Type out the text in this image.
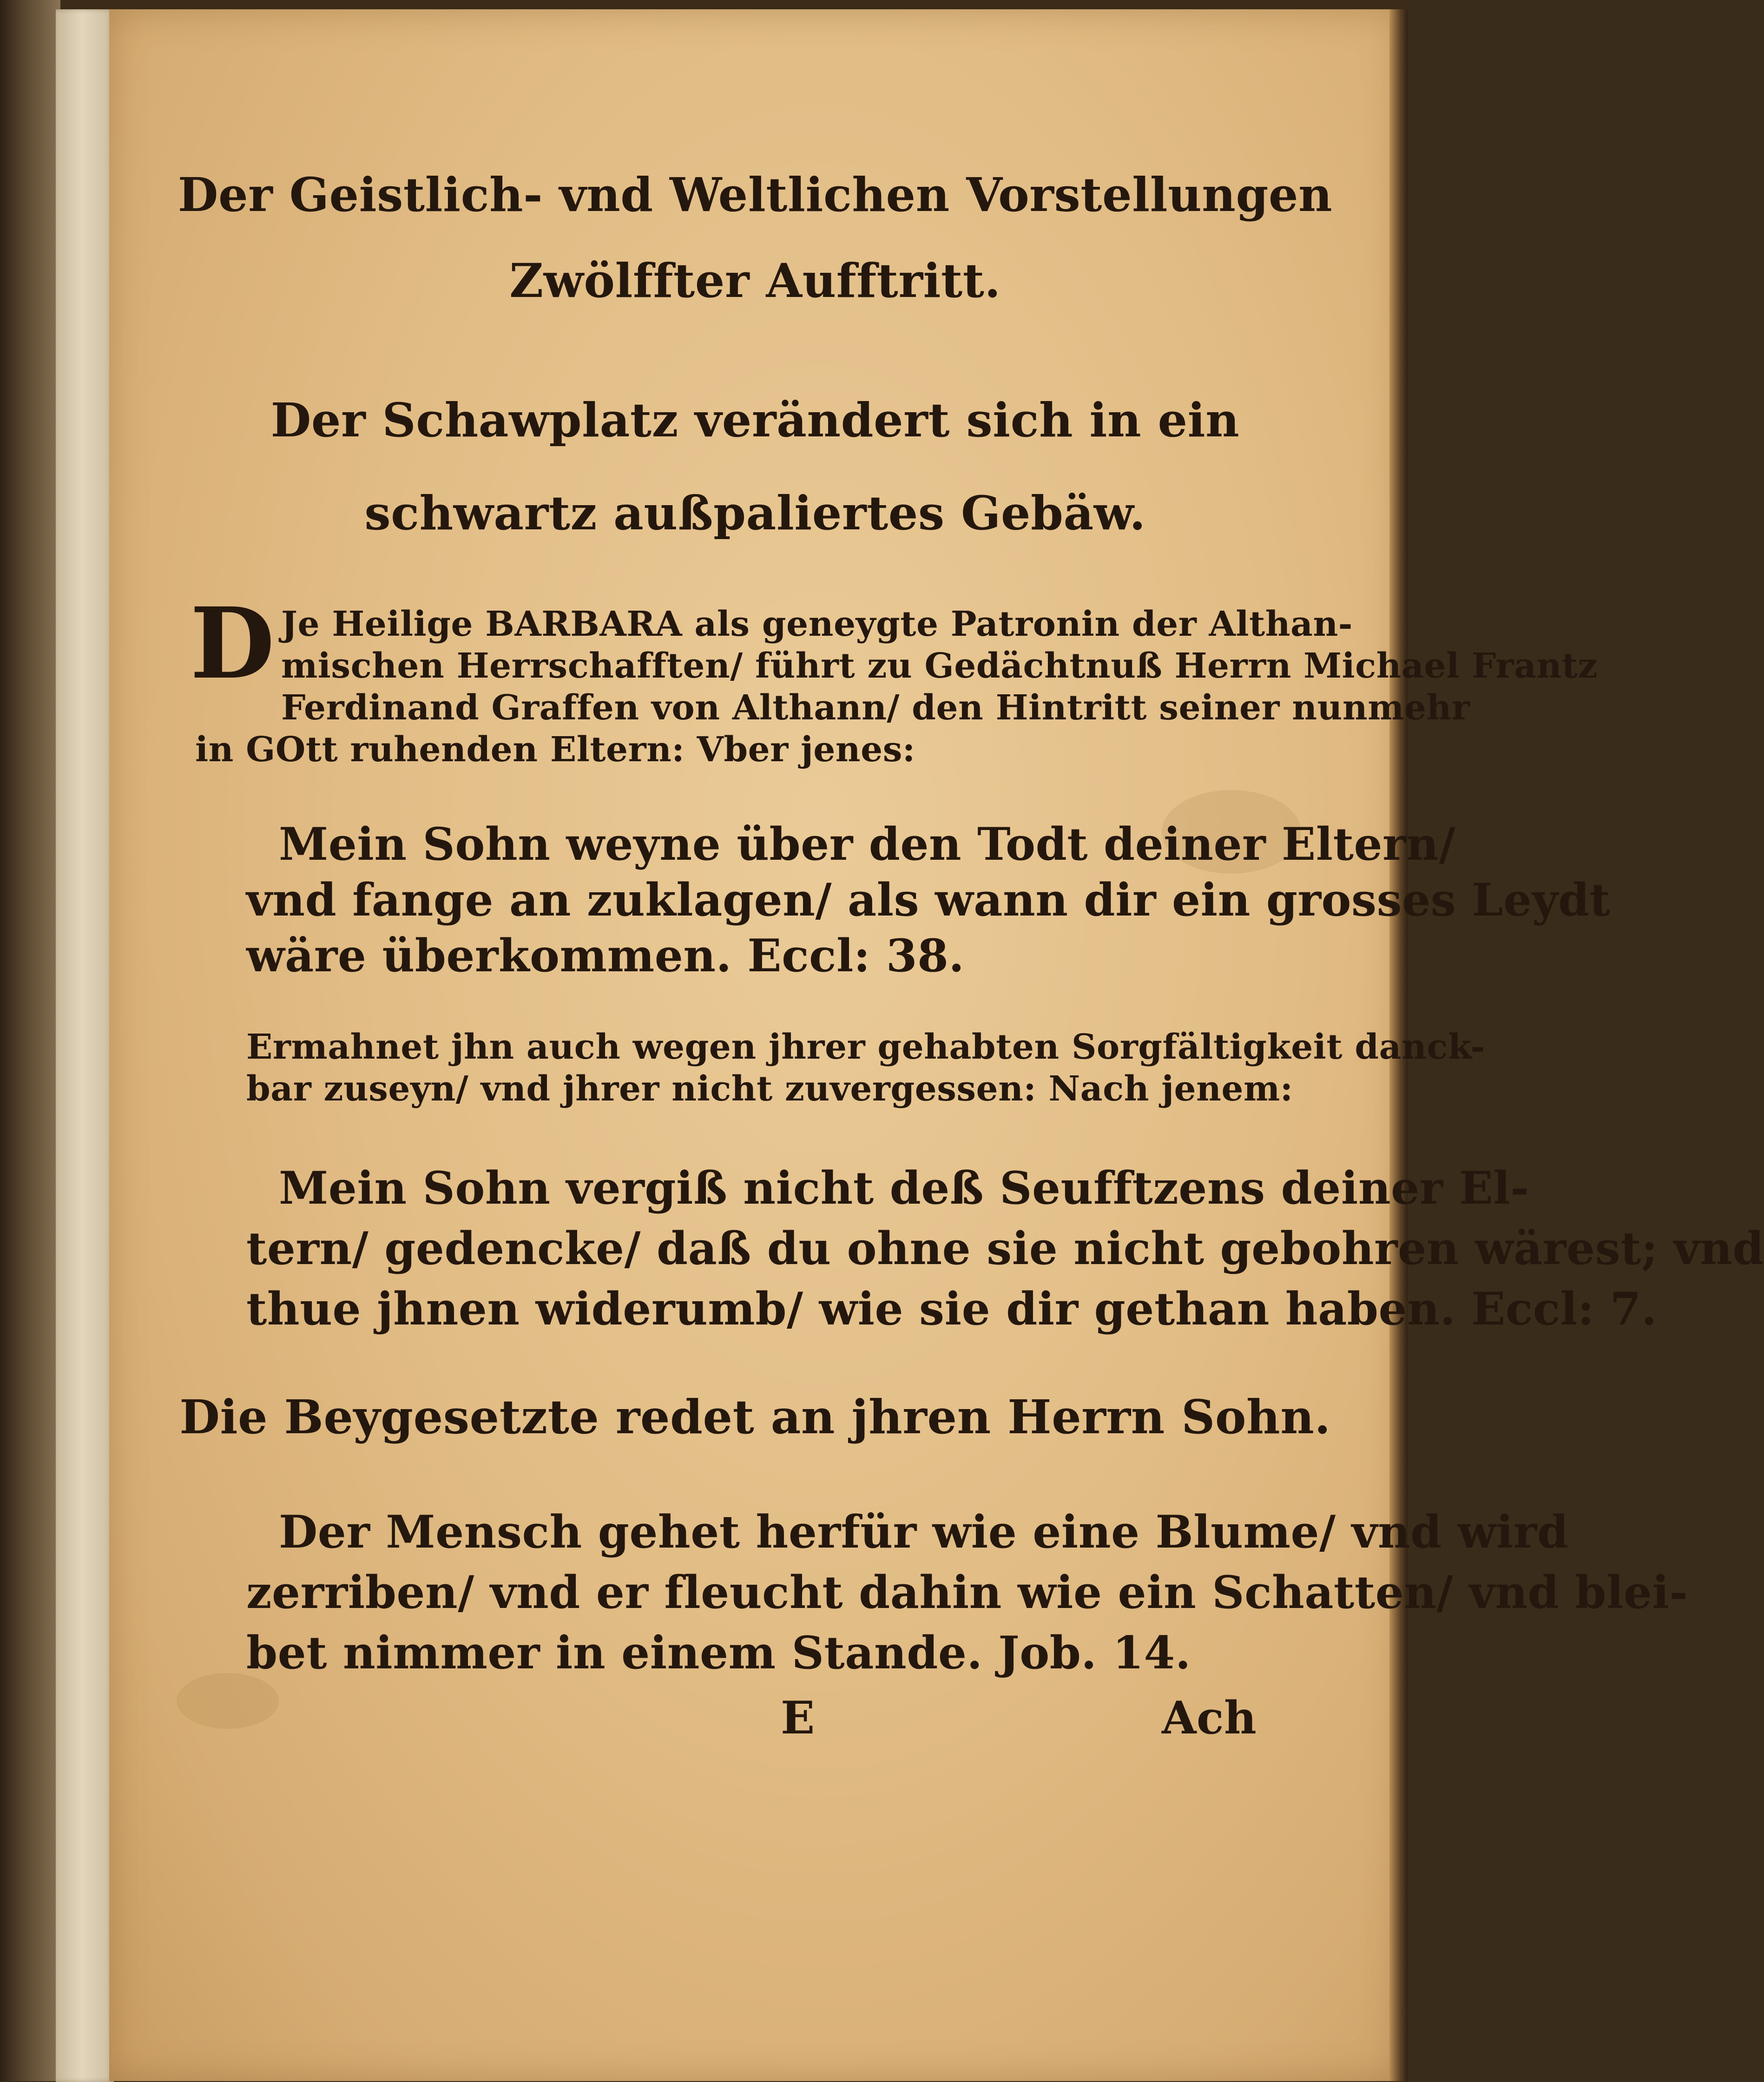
Der Geistlich- vnd Weltlichen Vorstellungen
Zwölffter Aufftritt.
Der Schawplatz verändert sich in ein
schwartz außpaliertes Gebäw.
D Je Heilige BARBARA als geneygte Patronin der Althan-
mischen Herrschafften/ führt zu Gedächtnuß Herrn Michael Frantz
Ferdinand Graffen von Althann/ den Hintritt seiner nunmehr
in GOtt ruhenden Eltern: Vber jenes:
Mein Sohn weyne über den Todt deiner Eltern/
vnd fange an zuklagen/ als wann dir ein grosses Leydt
wäre überkommen. Eccl: 38.
Ermahnet jhn auch wegen jhrer gehabten Sorgfältigkeit danck-
bar zuseyn/ vnd jhrer nicht zuvergessen: Nach jenem:
Mein Sohn vergiß nicht deß Seufftzens deiner El-
tern/ gedencke/ daß du ohne sie nicht gebohren wärest; vnd
thue jhnen widerumb/ wie sie dir gethan haben. Eccl: 7.
Die Beygesetzte redet an jhren Herrn Sohn.
Der Mensch gehet herfür wie eine Blume/ vnd wird
zerriben/ vnd er fleucht dahin wie ein Schatten/ vnd blei-
bet nimmer in einem Stande. Job. 14.
E	Ach
